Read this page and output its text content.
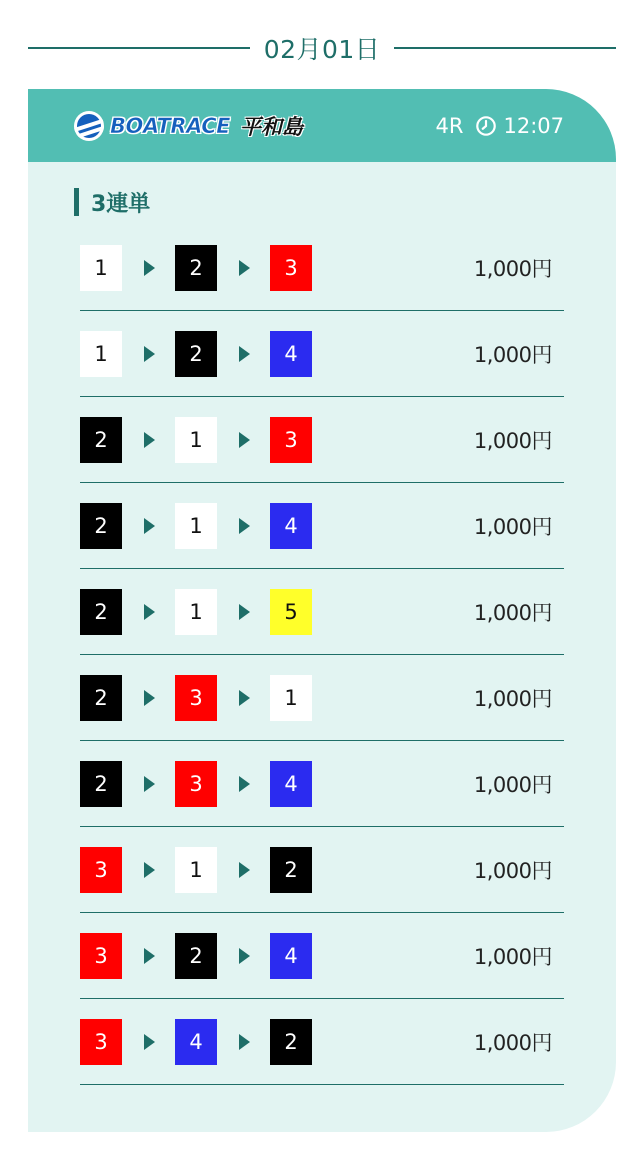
02月01日
BOATRACE 平和島	4R 12:07
3連単
1	2	3	1,000円
1	2	4	1,000円
2	1	3	1,000円
2	1	4	1,000円
2	1	5	1,000円
2	3	1	1,000円
2	3	4	1,000円
3	1	2	1,000円
3	2	4	1,000円
3	4	2	1,000円
